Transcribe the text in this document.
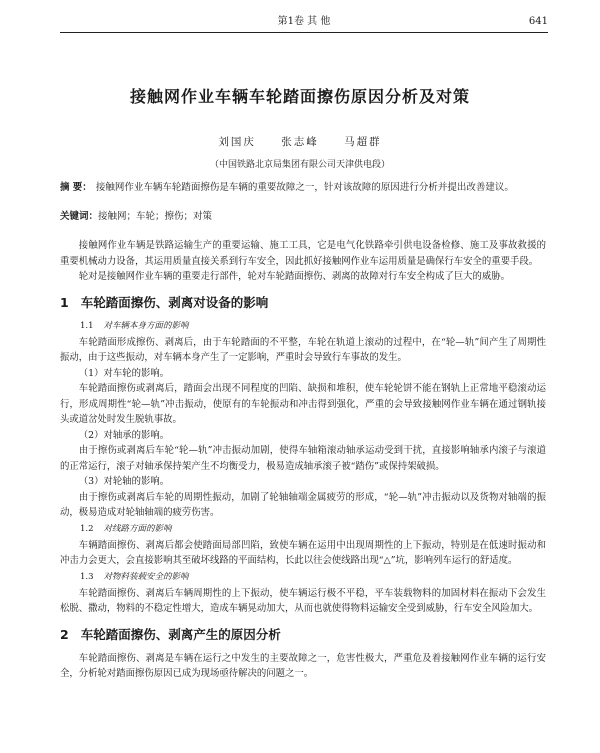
第1卷 其 他	641
接触网作业车辆车轮踏面擦伤原因分析及对策
刘国庆 张志峰 马超群
（中国铁路北京局集团有限公司天津供电段）
摘 要： 接触网作业车辆车轮踏面擦伤是车辆的重要故障之一，针对该故障的原因进行分析并提出改善建议。
关键词：接触网；车轮；擦伤；对策

接触网作业车辆是铁路运输生产的重要运输、施工工具，它是电气化铁路牵引供电设备检修、施工及事故救援的重要机械动力设备，其运用质量直接关系到行车安全，因此抓好接触网作业车运用质量是确保行车安全的重要手段。

轮对是接触网作业车辆的重要走行部件，轮对车轮踏面擦伤、剥离的故障对行车安全构成了巨大的威胁。

1 车轮踏面擦伤、剥离对设备的影响
1.1 对车辆本身方面的影响

车轮踏面形成擦伤、剥离后，由于车轮踏面的不平整，车轮在轨道上滚动的过程中，在“轮—轨”间产生了周期性振动，由于这些振动，对车辆本身产生了一定影响，严重时会导致行车事故的发生。

（1）对车轮的影响。

车轮踏面擦伤或剥离后，踏面会出现不同程度的凹陷、缺损和堆积，使车轮轮饼不能在钢轨上正常地平稳滚动运行，形成周期性“轮—轨”冲击振动，使原有的车轮振动和冲击得到强化，严重的会导致接触网作业车辆在通过钢轨接头或道岔处时发生脱轨事故。

（2）对轴承的影响。

由于擦伤或剥离后车轮“轮—轨”冲击振动加剧，使得车轴箱滚动轴承运动受到干扰，直接影响轴承内滚子与滚道的正常运行，滚子对轴承保持架产生不均衡受力，极易造成轴承滚子被“踏伤”或保持架破损。

（3）对轮轴的影响。

由于擦伤或剥离后车轮的周期性振动，加剧了轮轴轴端金属疲劳的形成，“轮—轨”冲击振动以及货物对轴端的振动，极易造成对轮轴轴端的疲劳伤害。

1.2 对线路方面的影响

车辆踏面擦伤、剥离后都会使踏面局部凹陷，致使车辆在运用中出现周期性的上下振动，特别是在低速时振动和冲击力会更大，会直接影响其至破坏线路的平面结构，长此以往会使线路出现“△”坑，影响列车运行的舒适度。

1.3 对物料装载安全的影响

车轮踏面擦伤、剥离后车辆周期性的上下振动，使车辆运行极不平稳，平车装载物料的加固材料在振动下会发生松脱、撒动，物料的不稳定性增大，造成车辆晃动加大，从而也就使得物料运输安全受到威胁，行车安全风险加大。

2 车轮踏面擦伤、剥离产生的原因分析

车轮踏面擦伤、剥离是车辆在运行之中发生的主要故障之一，危害性极大，严重危及着接触网作业车辆的运行安全，分析轮对踏面擦伤原因已成为现场亟待解决的问题之一。
